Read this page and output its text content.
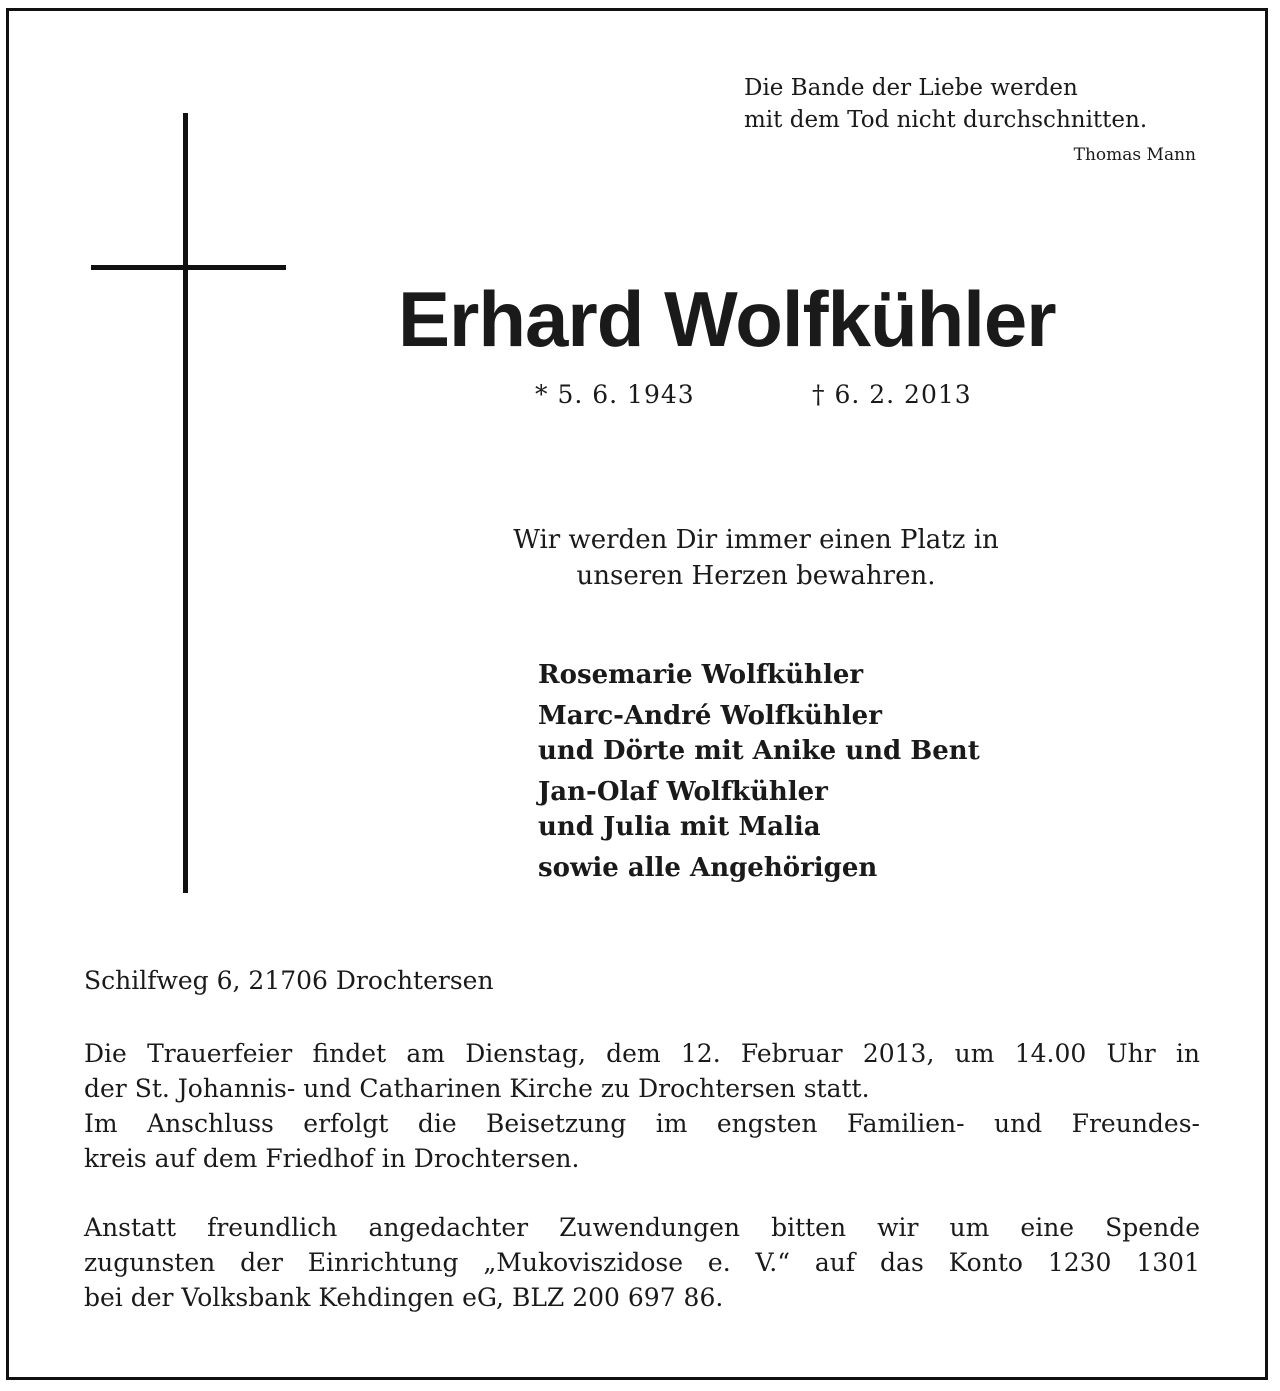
Die Bande der Liebe werden
mit dem Tod nicht durchschnitten.
Thomas Mann
Erhard Wolfkühler
* 5. 6. 1943	† 6. 2. 2013
Wir werden Dir immer einen Platz in
unseren Herzen bewahren.
Rosemarie Wolfkühler
Marc-André Wolfkühler
und Dörte mit Anike und Bent
Jan-Olaf Wolfkühler
und Julia mit Malia
sowie alle Angehörigen
Schilfweg 6, 21706 Drochtersen
Die Trauerfeier findet am Dienstag, dem 12. Februar 2013, um 14.00 Uhr in
der St. Johannis- und Catharinen Kirche zu Drochtersen statt.
Im Anschluss erfolgt die Beisetzung im engsten Familien- und Freundes-
kreis auf dem Friedhof in Drochtersen.
Anstatt freundlich angedachter Zuwendungen bitten wir um eine Spende
zugunsten der Einrichtung „Mukoviszidose e. V.“ auf das Konto 1230 1301
bei der Volksbank Kehdingen eG, BLZ 200 697 86.
